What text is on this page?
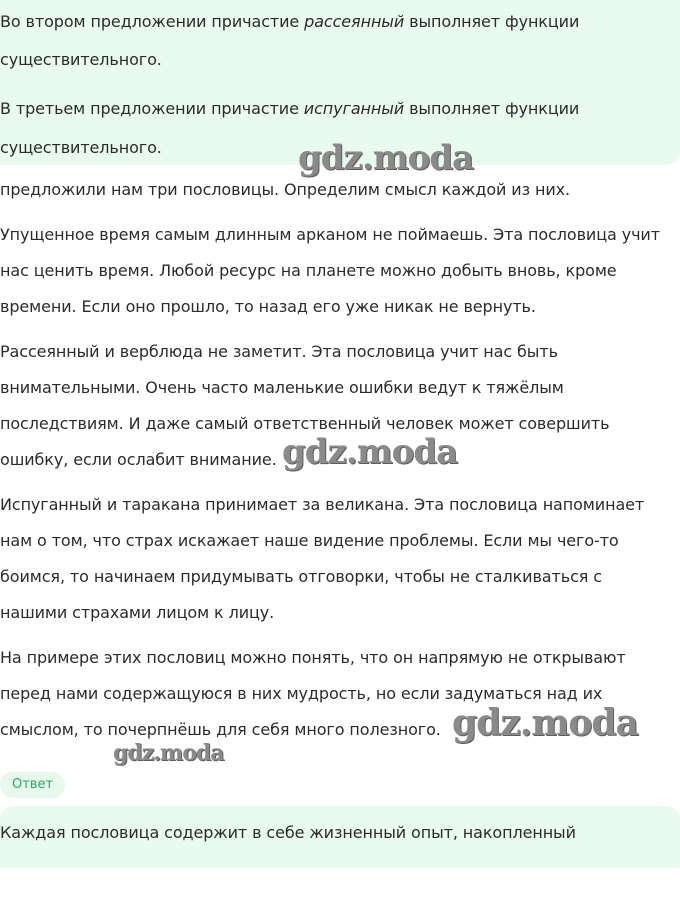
Во втором предложении причастие рассеянный выполняет функции

существительного.

В третьем предложении причастие испуганный выполняет функции

существительного.

предложили нам три пословицы. Определим смысл каждой из них.

Упущенное время самым длинным арканом не поймаешь. Эта пословица учит

нас ценить время. Любой ресурс на планете можно добыть вновь, кроме

времени. Если оно прошло, то назад его уже никак не вернуть.

Рассеянный и верблюда не заметит. Эта пословица учит нас быть

внимательными. Очень часто маленькие ошибки ведут к тяжёлым

последствиям. И даже самый ответственный человек может совершить

ошибку, если ослабит внимание.

Испуганный и таракана принимает за великана. Эта пословица напоминает

нам о том, что страх искажает наше видение проблемы. Если мы чего-то

боимся, то начинаем придумывать отговорки, чтобы не сталкиваться с

нашими страхами лицом к лицу.

На примере этих пословиц можно понять, что он напрямую не открывают

перед нами содержащуюся в них мудрость, но если задуматься над их

смыслом, то почерпнёшь для себя много полезного.

Ответ

Каждая пословица содержит в себе жизненный опыт, накопленный

gdz.moda
gdz.moda
gdz.moda
gdz.moda
